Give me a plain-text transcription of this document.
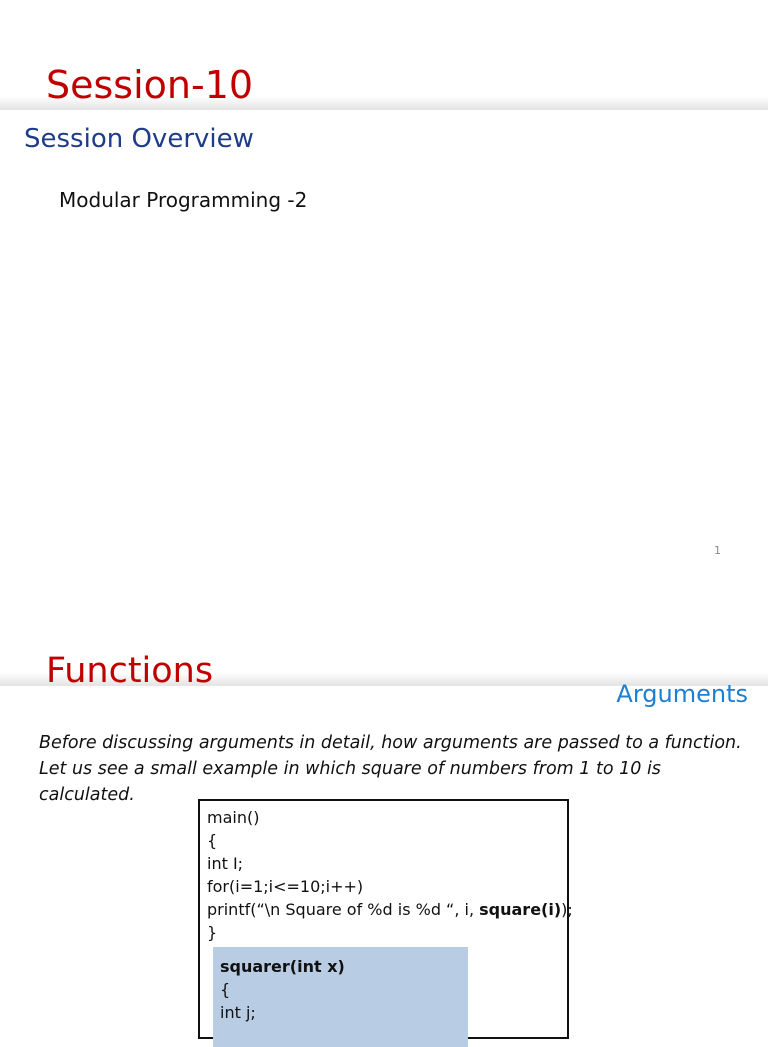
Session-10
Session Overview
Modular Programming -2
1
Functions
Arguments
Before discussing arguments in detail, how arguments are passed to a function.
Let us see a small example in which square of numbers from 1 to 10 is calculated.
main()
{
int I;
for(i=1;i<=10;i++)
printf(“\n Square of %d is %d “, i, square(i));
}
squarer(int x)
{
int j;
